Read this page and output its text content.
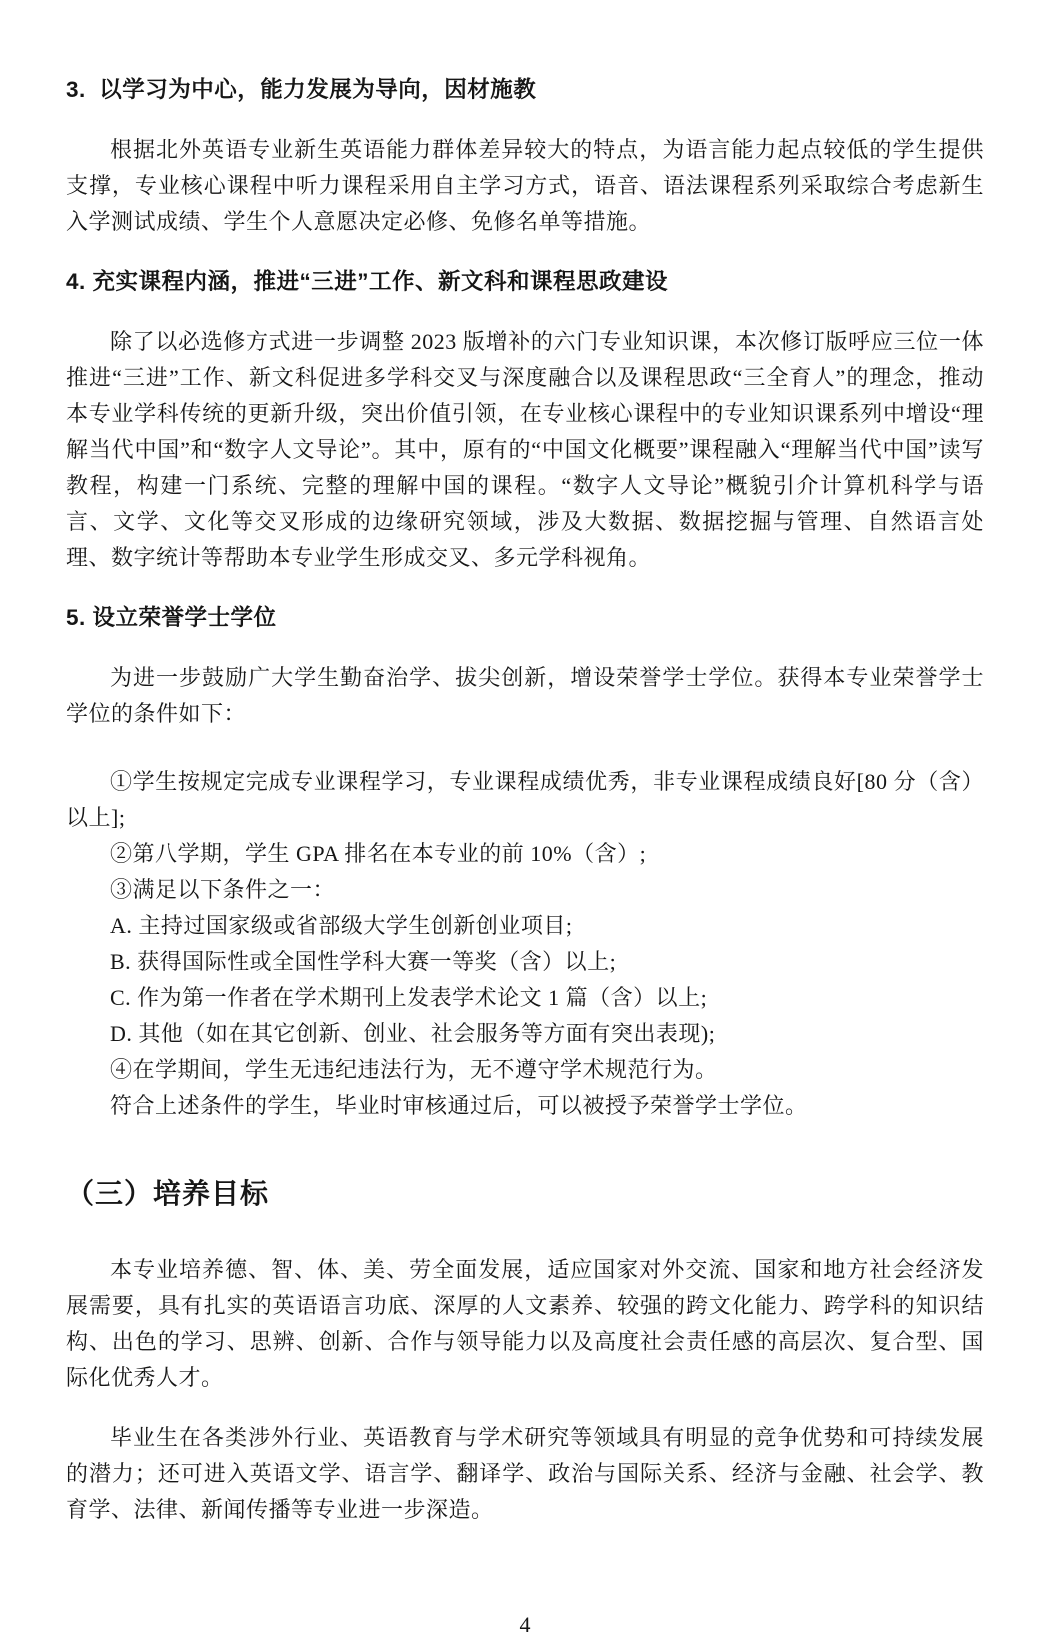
3.  以学习为中心，能力发展为导向，因材施教

根据北外英语专业新生英语能力群体差异较大的特点，为语言能力起点较低的学生提供支撑，专业核心课程中听力课程采用自主学习方式，语音、语法课程系列采取综合考虑新生入学测试成绩、学生个人意愿决定必修、免修名单等措施。

4. 充实课程内涵，推进“三进”工作、新文科和课程思政建设

除了以必选修方式进一步调整 2023 版增补的六门专业知识课，本次修订版呼应三位一体推进“三进”工作、新文科促进多学科交叉与深度融合以及课程思政“三全育人”的理念，推动本专业学科传统的更新升级，突出价值引领，在专业核心课程中的专业知识课系列中增设“理解当代中国”和“数字人文导论”。其中，原有的“中国文化概要”课程融入“理解当代中国”读写教程，构建一门系统、完整的理解中国的课程。“数字人文导论”概貌引介计算机科学与语言、文学、文化等交叉形成的边缘研究领域，涉及大数据、数据挖掘与管理、自然语言处理、数字统计等帮助本专业学生形成交叉、多元学科视角。

5. 设立荣誉学士学位

为进一步鼓励广大学生勤奋治学、拔尖创新，增设荣誉学士学位。获得本专业荣誉学士学位的条件如下：

①学生按规定完成专业课程学习，专业课程成绩优秀，非专业课程成绩良好[80 分（含）以上];

②第八学期，学生 GPA 排名在本专业的前 10%（含）;

③满足以下条件之一：

A. 主持过国家级或省部级大学生创新创业项目;

B. 获得国际性或全国性学科大赛一等奖（含）以上;

C. 作为第一作者在学术期刊上发表学术论文 1 篇（含）以上;

D. 其他（如在其它创新、创业、社会服务等方面有突出表现);

④在学期间，学生无违纪违法行为，无不遵守学术规范行为。

符合上述条件的学生，毕业时审核通过后，可以被授予荣誉学士学位。

（三）培养目标

本专业培养德、智、体、美、劳全面发展，适应国家对外交流、国家和地方社会经济发展需要，具有扎实的英语语言功底、深厚的人文素养、较强的跨文化能力、跨学科的知识结构、出色的学习、思辨、创新、合作与领导能力以及高度社会责任感的高层次、复合型、国际化优秀人才。

毕业生在各类涉外行业、英语教育与学术研究等领域具有明显的竞争优势和可持续发展的潜力；还可进入英语文学、语言学、翻译学、政治与国际关系、经济与金融、社会学、教育学、法律、新闻传播等专业进一步深造。

4
